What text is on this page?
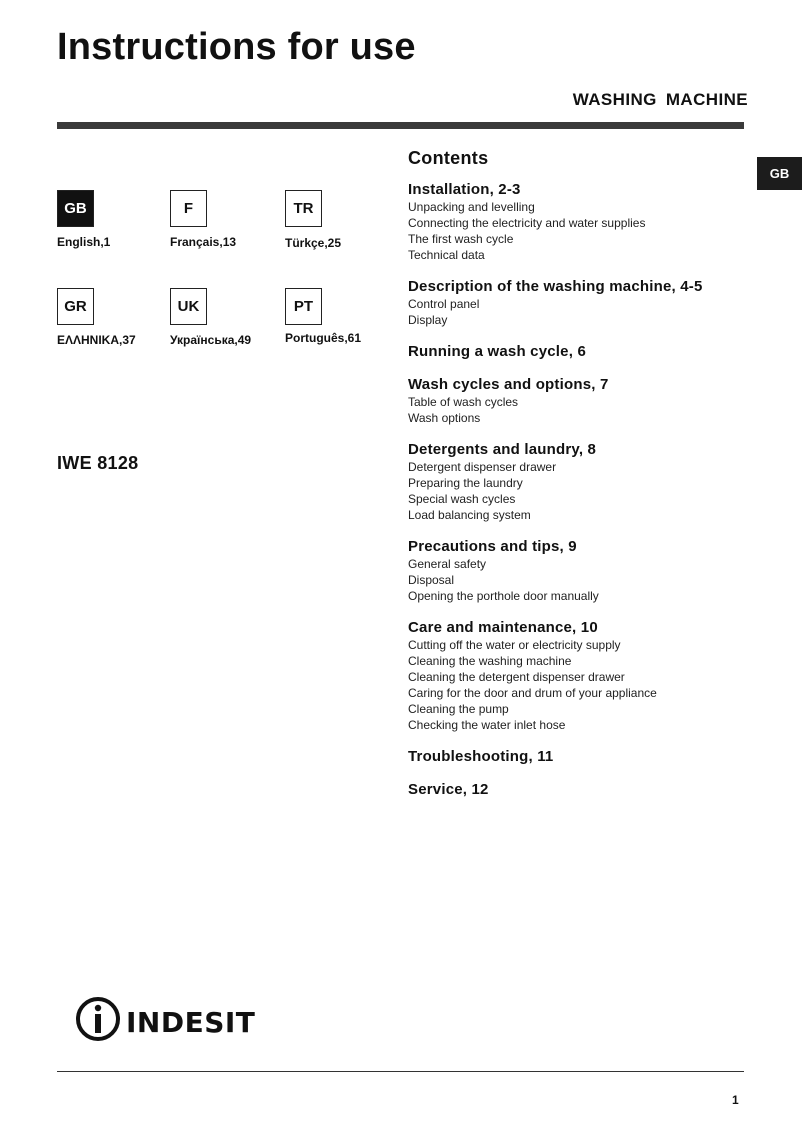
Instructions for use
WASHING MACHINE
GB
GB
English,1
F
Français,13
TR
Türkçe,25
GR
ΕΛΛΗΝΙΚΑ,37
UK
Українська,49
PT
Português,61
IWE 8128
Contents
Installation, 2-3
Unpacking and levelling
Connecting the electricity and water supplies
The first wash cycle
Technical data
Description of the washing machine, 4-5
Control panel
Display
Running a wash cycle, 6
Wash cycles and options, 7
Table of wash cycles
Wash options
Detergents and laundry, 8
Detergent dispenser drawer
Preparing the laundry
Special wash cycles
Load balancing system
Precautions and tips, 9
General safety
Disposal
Opening the porthole door manually
Care and maintenance, 10
Cutting off the water or electricity supply
Cleaning the washing machine
Cleaning the detergent dispenser drawer
Caring for the door and drum of your appliance
Cleaning the pump
Checking the water inlet hose
Troubleshooting, 11
Service, 12
INDESIT
1
